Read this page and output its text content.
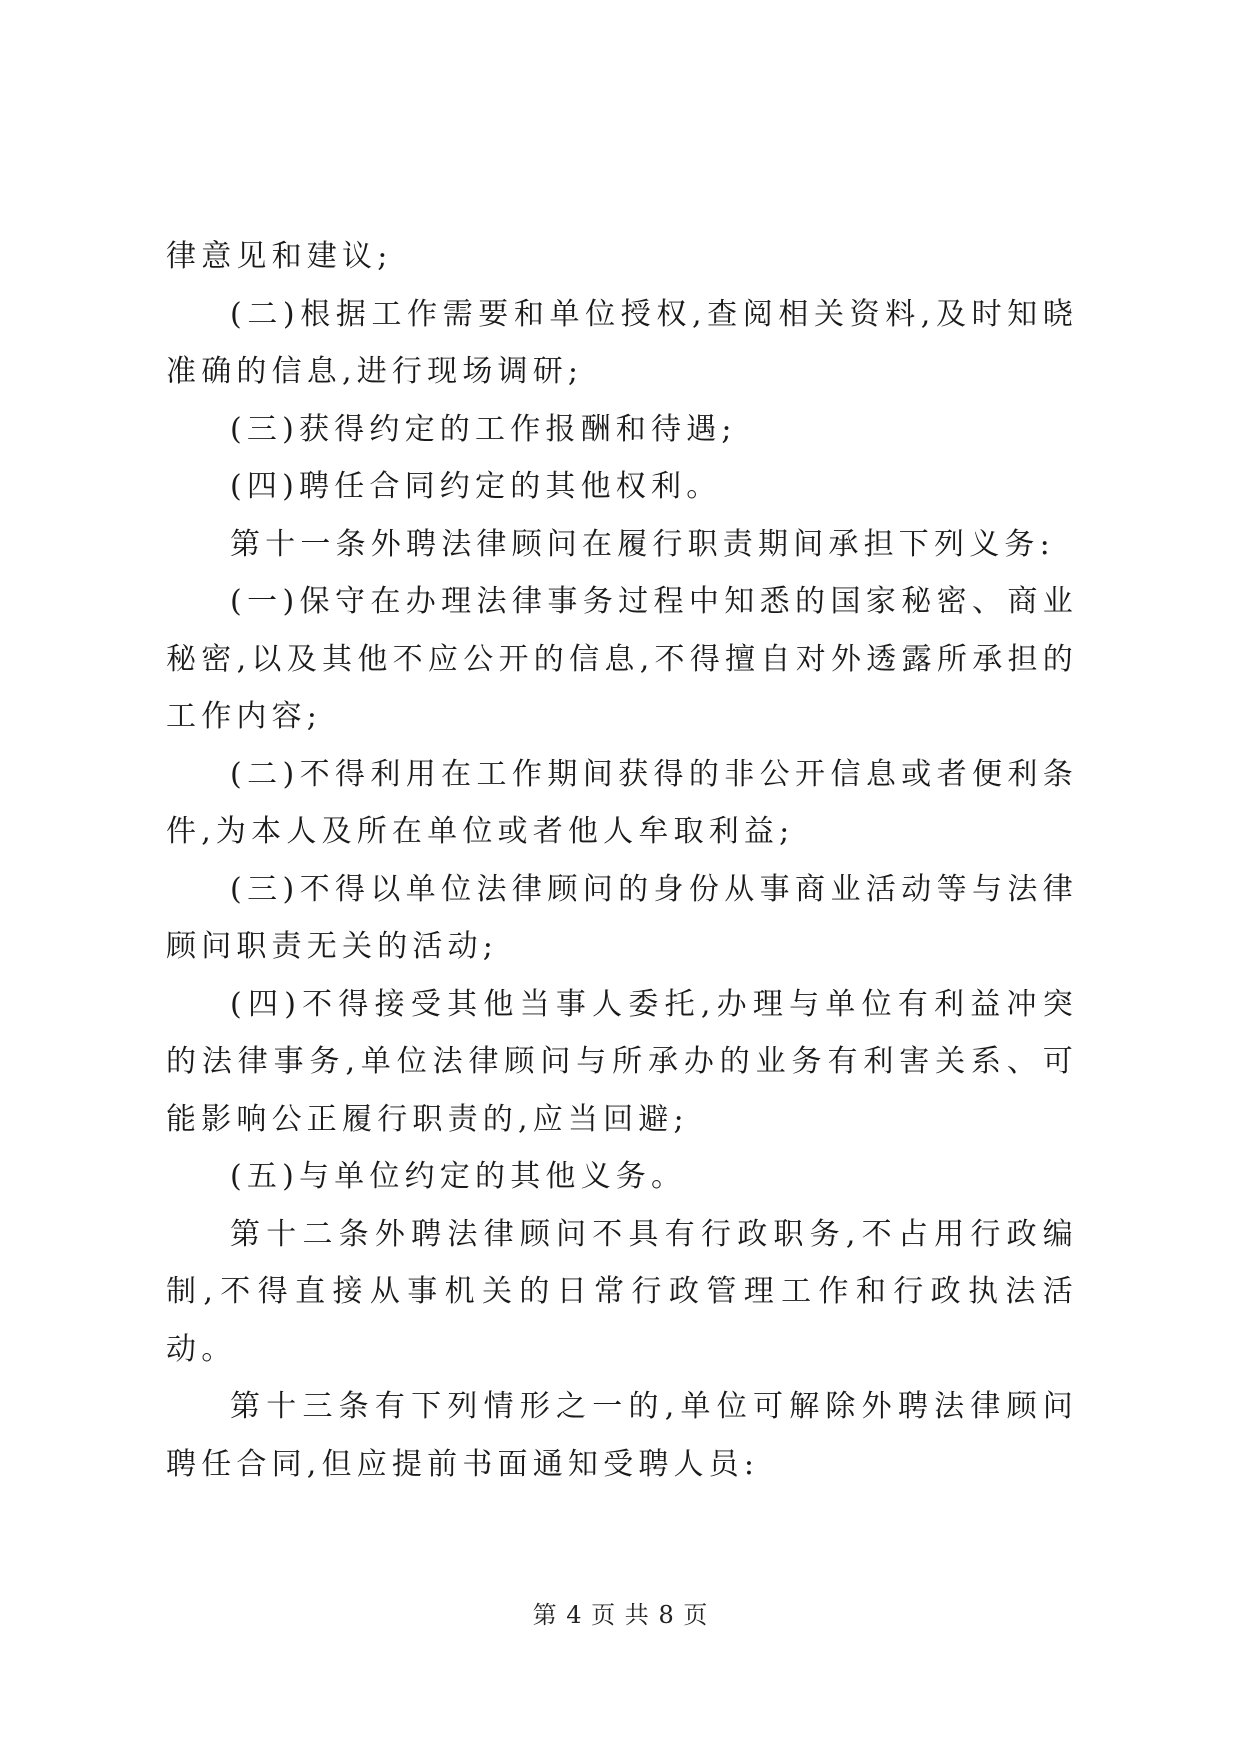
律意见和建议;

(二)根据工作需要和单位授权,查阅相关资料,及时知晓准确的信息,进行现场调研;

(三)获得约定的工作报酬和待遇;

(四)聘任合同约定的其他权利。

第十一条外聘法律顾问在履行职责期间承担下列义务:

(一)保守在办理法律事务过程中知悉的国家秘密、商业秘密,以及其他不应公开的信息,不得擅自对外透露所承担的工作内容;

(二)不得利用在工作期间获得的非公开信息或者便利条件,为本人及所在单位或者他人牟取利益;

(三)不得以单位法律顾问的身份从事商业活动等与法律顾问职责无关的活动;

(四)不得接受其他当事人委托,办理与单位有利益冲突的法律事务,单位法律顾问与所承办的业务有利害关系、可能影响公正履行职责的,应当回避;

(五)与单位约定的其他义务。

第十二条外聘法律顾问不具有行政职务,不占用行政编制,不得直接从事机关的日常行政管理工作和行政执法活动。

第十三条有下列情形之一的,单位可解除外聘法律顾问聘任合同,但应提前书面通知受聘人员:

第 4 页 共 8 页
